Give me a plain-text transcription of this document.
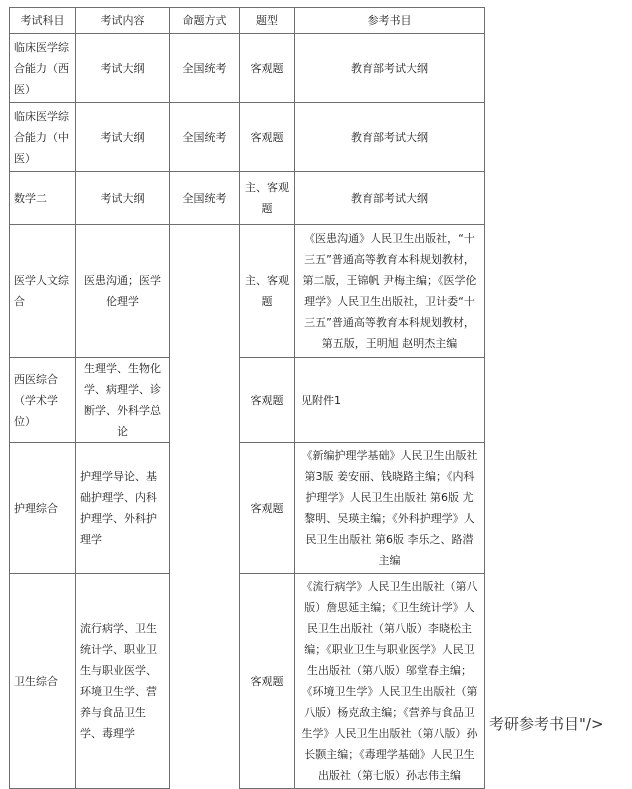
考试科目	考试内容	命题方式	题型	参考书目
临床医学综合能力（西医）	考试大纲	全国统考	客观题	教育部考试大纲
临床医学综合能力（中医）	考试大纲	全国统考	客观题	教育部考试大纲
数学二	考试大纲	全国统考	主、客观题	教育部考试大纲
医学人文综合	医患沟通；医学伦理学		主、客观题	《医患沟通》人民卫生出版社，“十三五”普通高等教育本科规划教材，第二版，王锦帆 尹梅主编；《医学伦理学》人民卫生出版社，卫计委“十三五”普通高等教育本科规划教材，第五版，王明旭 赵明杰主编
西医综合（学术学位）	生理学、生物化学、病理学、诊断学、外科学总论		客观题	见附件1
护理综合	护理学导论、基础护理学、内科护理学、外科护理学		客观题	《新编护理学基础》人民卫生出版社 第3版 姜安丽、钱晓路主编；《内科护理学》人民卫生出版社 第6版 尤黎明、吴瑛主编；《外科护理学》人民卫生出版社 第6版 李乐之、路潜主编
卫生综合	流行病学、卫生统计学、职业卫生与职业医学、环境卫生学、营养与食品卫生学、毒理学		客观题	《流行病学》人民卫生出版社（第八版）詹思延主编；《卫生统计学》人民卫生出版社（第八版）李晓松主编；《职业卫生与职业医学》人民卫生出版社（第八版）邬堂春主编；《环境卫生学》人民卫生出版社（第八版）杨克敌主编；《营养与食品卫生学》人民卫生出版社（第八版）孙长颢主编；《毒理学基础》人民卫生出版社（第七版）孙志伟主编
考研参考书目"/>
